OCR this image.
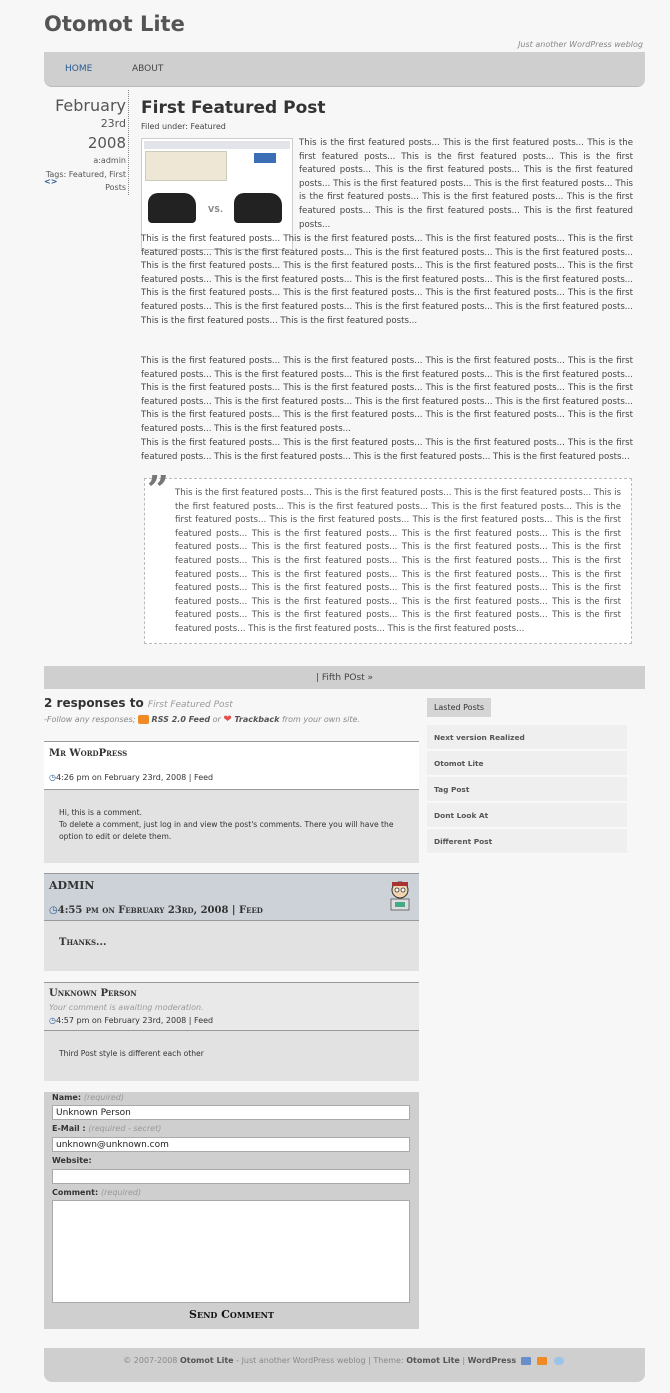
Otomot Lite
Just another WordPress weblog
HOME	ABOUT
February
23rd
2008
a:admin
Tags: Featured, First Posts
<>
First Featured Post
Filed under: Featured
VS.

This is the first featured posts... This is the first featured posts... This is the first featured posts... This is the first featured posts... This is the first featured posts... This is the first featured posts... This is the first featured posts... This is the first featured posts... This is the first featured posts... This is the first featured posts... This is the first featured posts... This is the first featured posts... This is the first featured posts... This is the first featured posts...

This is the first featured posts... This is the first featured posts... This is the first featured posts... This is the first featured posts... This is the first featured posts... This is the first featured posts... This is the first featured posts... This is the first featured posts... This is the first featured posts... This is the first featured posts... This is the first featured posts... This is the first featured posts... This is the first featured posts... This is the first featured posts... This is the first featured posts... This is the first featured posts... This is the first featured posts... This is the first featured posts... This is the first featured posts... This is the first featured posts... This is the first featured posts... This is the first featured posts... This is the first featured posts...

This is the first featured posts... This is the first featured posts... This is the first featured posts... This is the first featured posts... This is the first featured posts... This is the first featured posts... This is the first featured posts... This is the first featured posts... This is the first featured posts... This is the first featured posts... This is the first featured posts... This is the first featured posts... This is the first featured posts... This is the first featured posts... This is the first featured posts... This is the first featured posts... This is the first featured posts... This is the first featured posts... This is the first featured posts...

This is the first featured posts... This is the first featured posts... This is the first featured posts... This is the first featured posts... This is the first featured posts... This is the first featured posts... This is the first featured posts...

” This is the first featured posts... This is the first featured posts... This is the first featured posts... This is the first featured posts... This is the first featured posts... This is the first featured posts... This is the first featured posts... This is the first featured posts... This is the first featured posts... This is the first featured posts... This is the first featured posts... This is the first featured posts... This is the first featured posts... This is the first featured posts... This is the first featured posts... This is the first featured posts... This is the first featured posts... This is the first featured posts... This is the first featured posts... This is the first featured posts... This is the first featured posts... This is the first featured posts... This is the first featured posts... This is the first featured posts... This is the first featured posts... This is the first featured posts... This is the first featured posts... This is the first featured posts... This is the first featured posts... This is the first featured posts... This is the first featured posts... This is the first featured posts... This is the first featured posts...

| Fifth POst »
2 responses to First Featured Post
-Follow any responses; RSS 2.0 Feed or ❤ Trackback from your own site.
Mr WordPress
◷4:26 pm on February 23rd, 2008 | Feed

Hi, this is a comment.

To delete a comment, just log in and view the post's comments. There you will have the option to edit or delete them.

ADMIN
◷4:55 pm on February 23rd, 2008 | Feed

Thanks...

Unknown Person
Your comment is awaiting moderation.
◷4:57 pm on February 23rd, 2008 | Feed

Third Post style is different each other

Lasted Posts
Next version Realized
Otomot Lite
Tag Post
Dont Look At
Different Post
Name: (required)
Unknown Person
E-Mail : (required - secret)
unknown@unknown.com
Website:
Comment: (required)
Send Comment
© 2007-2008 Otomot Lite - Just another WordPress weblog | Theme: Otomot Lite | WordPress
